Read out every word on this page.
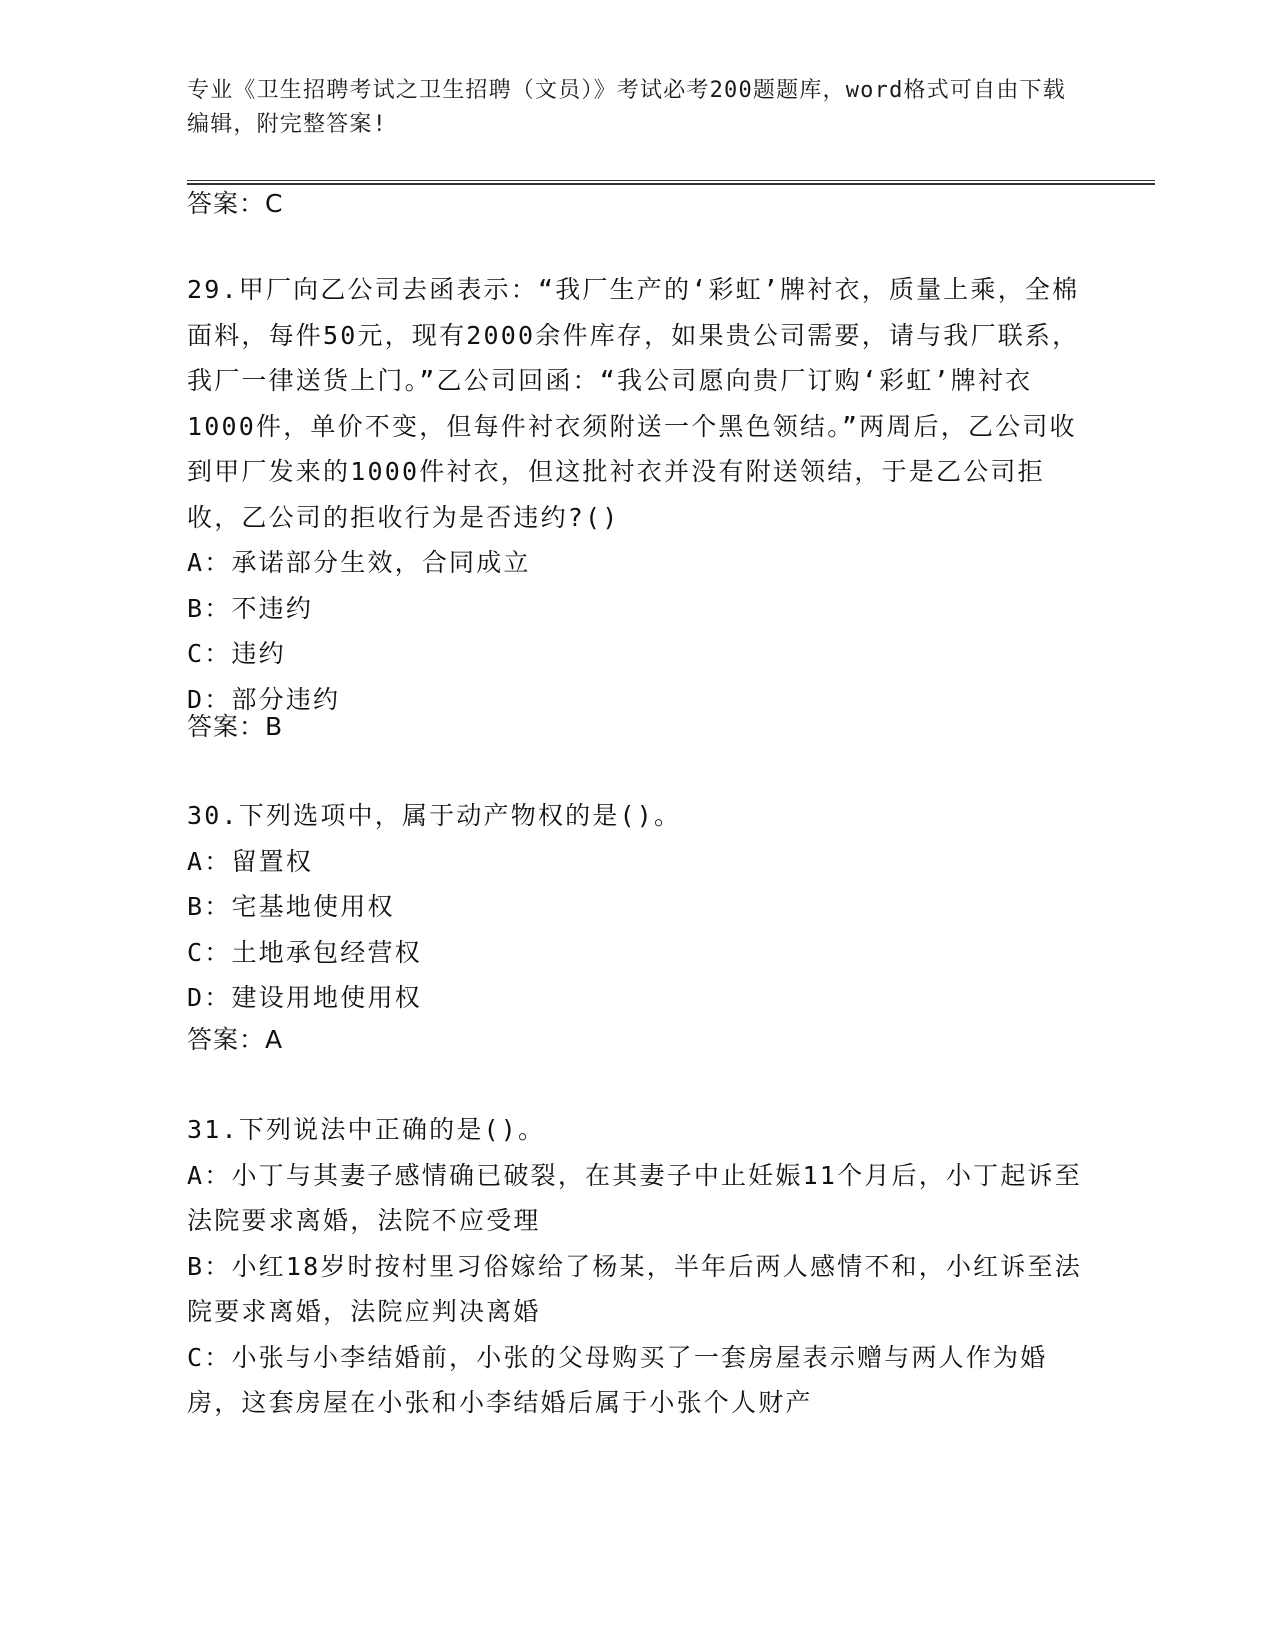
专业《卫生招聘考试之卫生招聘（文员）》考试必考200题题库，word格式可自由下载编辑，附完整答案!
答案：C

29.甲厂向乙公司去函表示：“我厂生产的‘彩虹’牌衬衣，质量上乘，全棉面料，每件50元，现有2000余件库存，如果贵公司需要，请与我厂联系，我厂一律送货上门。”乙公司回函：“我公司愿向贵厂订购‘彩虹’牌衬衣1000件，单价不变，但每件衬衣须附送一个黑色领结。”两周后，乙公司收到甲厂发来的1000件衬衣，但这批衬衣并没有附送领结，于是乙公司拒收，乙公司的拒收行为是否违约?()

A：承诺部分生效，合同成立

B：不违约

C：违约

D：部分违约

答案：B

30.下列选项中，属于动产物权的是()。

A：留置权

B：宅基地使用权

C：土地承包经营权

D：建设用地使用权

答案：A

31.下列说法中正确的是()。

A：小丁与其妻子感情确已破裂，在其妻子中止妊娠11个月后，小丁起诉至法院要求离婚，法院不应受理

B：小红18岁时按村里习俗嫁给了杨某，半年后两人感情不和，小红诉至法院要求离婚，法院应判决离婚

C：小张与小李结婚前，小张的父母购买了一套房屋表示赠与两人作为婚房，这套房屋在小张和小李结婚后属于小张个人财产
